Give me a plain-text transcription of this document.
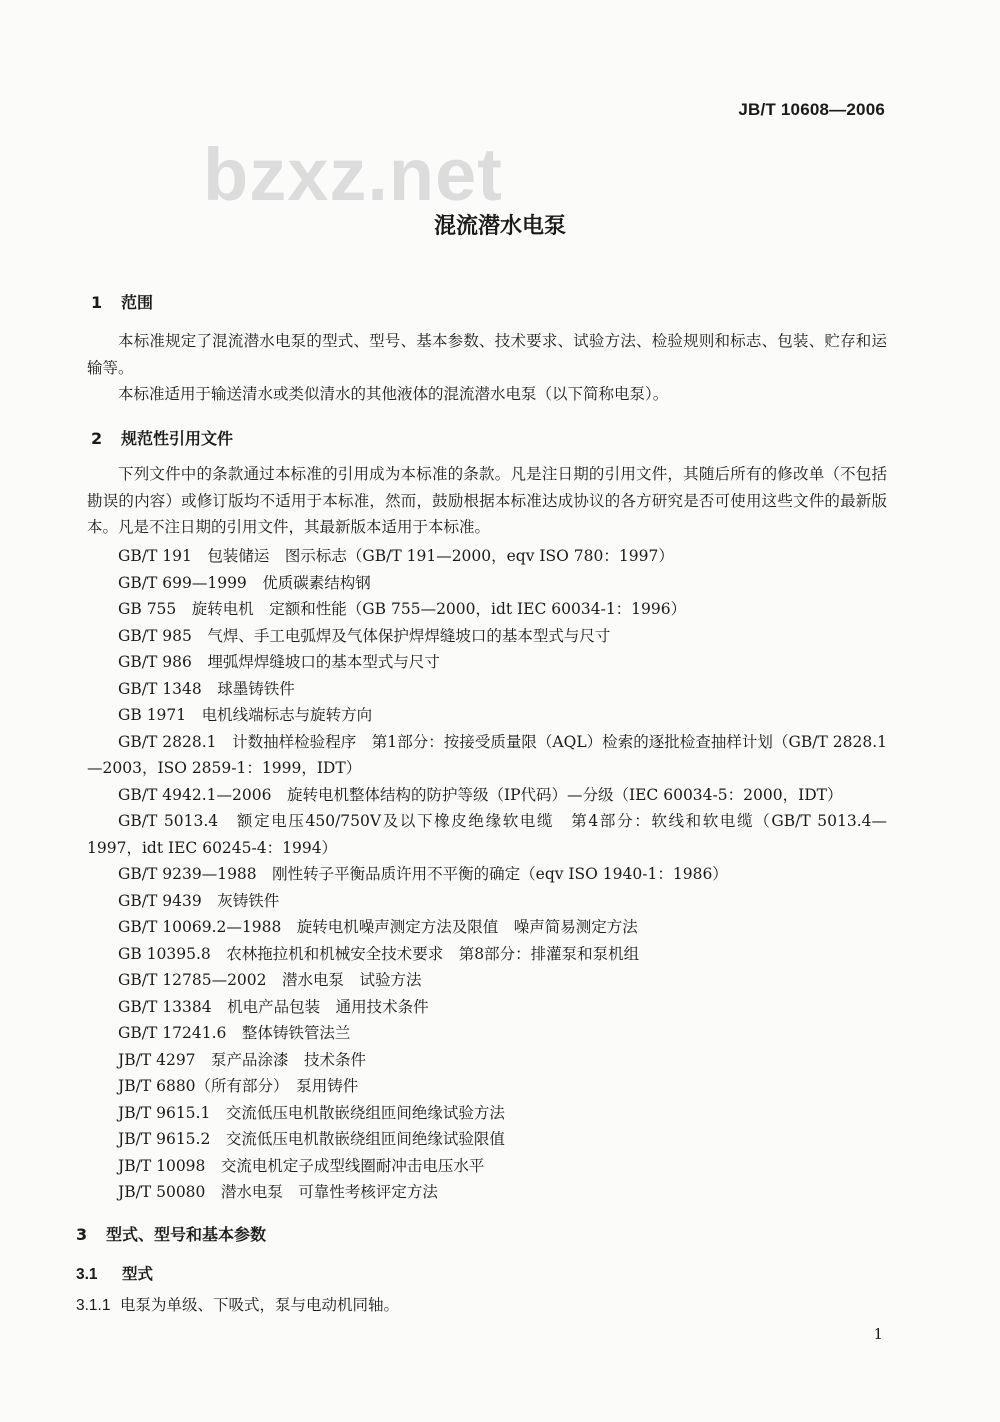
JB/T 10608—2006
bzxz.net
混流潜水电泵
1 范围
本标准规定了混流潜水电泵的型式、型号、基本参数、技术要求、试验方法、检验规则和标志、包装、贮存和运输等。
本标准适用于输送清水或类似清水的其他液体的混流潜水电泵（以下简称电泵）。
2 规范性引用文件
下列文件中的条款通过本标准的引用成为本标准的条款。凡是注日期的引用文件，其随后所有的修改单（不包括勘误的内容）或修订版均不适用于本标准，然而，鼓励根据本标准达成协议的各方研究是否可使用这些文件的最新版本。凡是不注日期的引用文件，其最新版本适用于本标准。
GB/T 191　包装储运　图示标志（GB/T 191—2000，eqv ISO 780：1997）
GB/T 699—1999　优质碳素结构钢
GB 755　旋转电机　定额和性能（GB 755—2000，idt IEC 60034-1：1996）
GB/T 985　气焊、手工电弧焊及气体保护焊焊缝坡口的基本型式与尺寸
GB/T 986　埋弧焊焊缝坡口的基本型式与尺寸
GB/T 1348　球墨铸铁件
GB 1971　电机线端标志与旋转方向
GB/T 2828.1　计数抽样检验程序　第1部分：按接受质量限（AQL）检索的逐批检查抽样计划（GB/T 2828.1—2003，ISO 2859-1：1999，IDT）
GB/T 4942.1—2006　旋转电机整体结构的防护等级（IP代码）—分级（IEC 60034-5：2000，IDT）
GB/T 5013.4　额定电压450/750V及以下橡皮绝缘软电缆　第4部分：软线和软电缆（GB/T 5013.4—1997，idt IEC 60245-4：1994）
GB/T 9239—1988　刚性转子平衡品质许用不平衡的确定（eqv ISO 1940-1：1986）
GB/T 9439　灰铸铁件
GB/T 10069.2—1988　旋转电机噪声测定方法及限值　噪声简易测定方法
GB 10395.8　农林拖拉机和机械安全技术要求　第8部分：排灌泵和泵机组
GB/T 12785—2002　潜水电泵　试验方法
GB/T 13384　机电产品包装　通用技术条件
GB/T 17241.6　整体铸铁管法兰
JB/T 4297　泵产品涂漆　技术条件
JB/T 6880（所有部分）　泵用铸件
JB/T 9615.1　交流低压电机散嵌绕组匝间绝缘试验方法
JB/T 9615.2　交流低压电机散嵌绕组匝间绝缘试验限值
JB/T 10098　交流电机定子成型线圈耐冲击电压水平
JB/T 50080　潜水电泵　可靠性考核评定方法
3 型式、型号和基本参数
3.1 型式
3.1.1 电泵为单级、下吸式，泵与电动机同轴。
1
